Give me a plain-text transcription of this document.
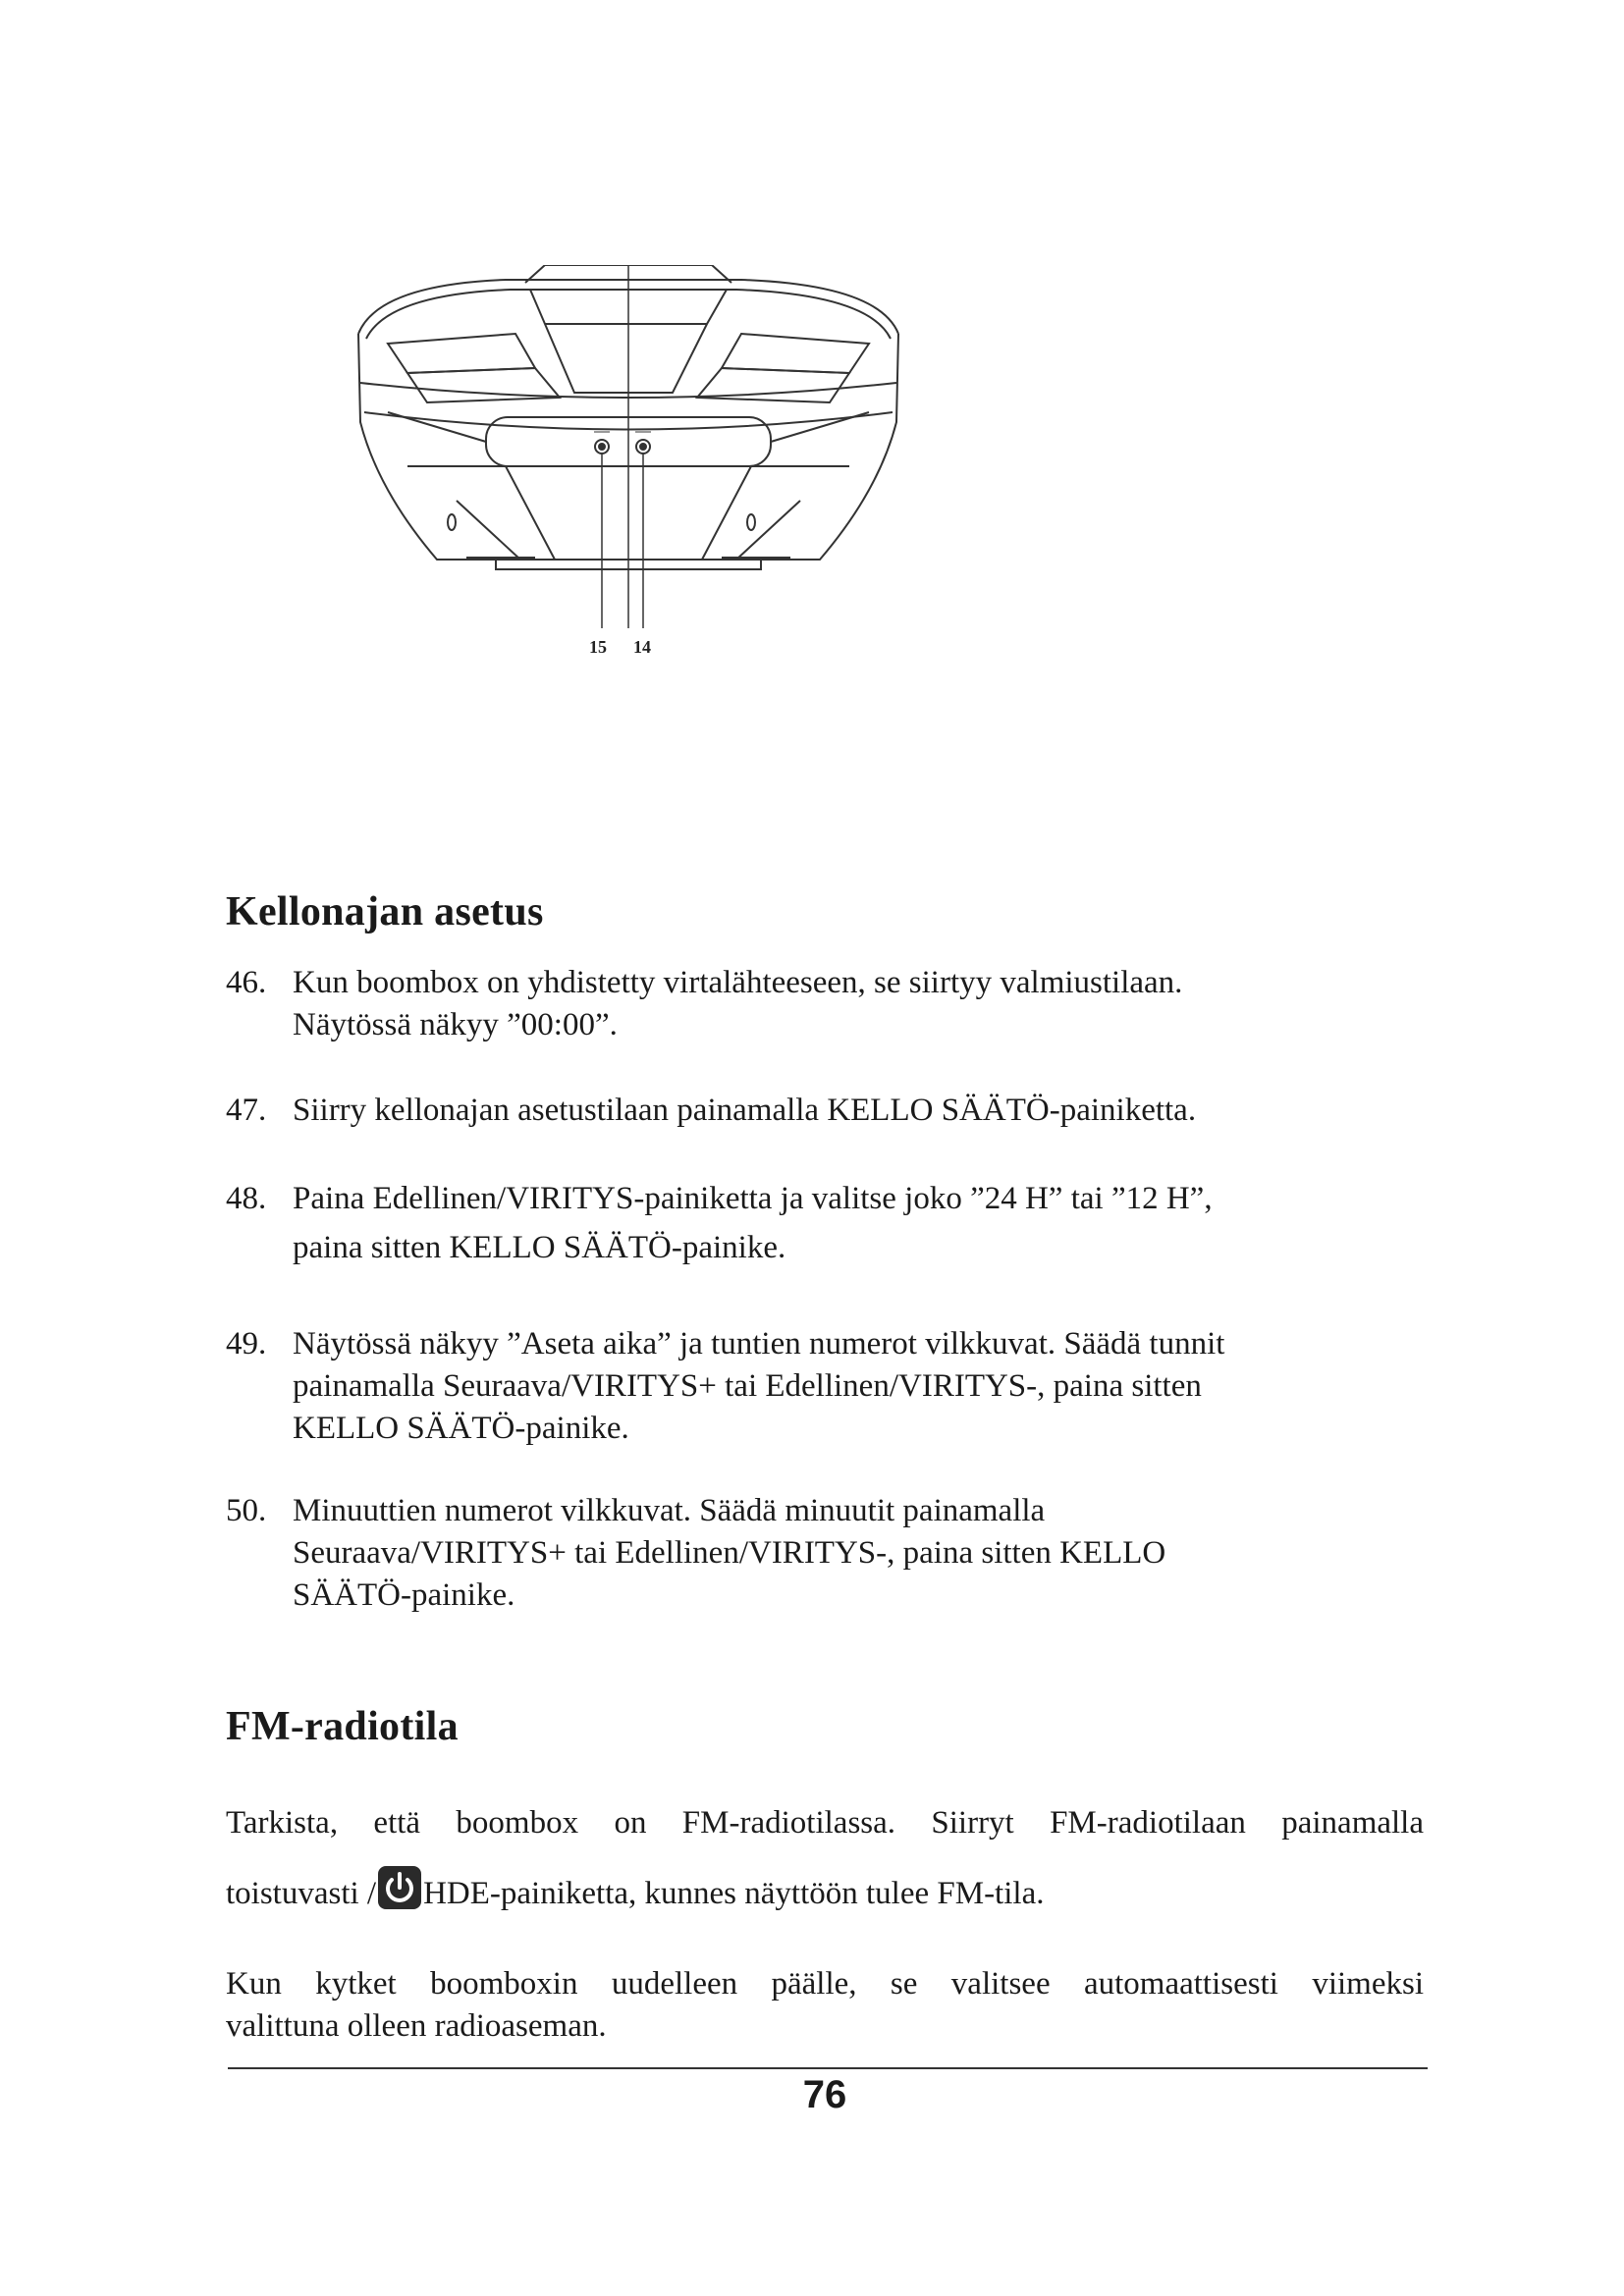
15 14
Kellonajan asetus
46. Kun boombox on yhdistetty virtalähteeseen, se siirtyy valmiustilaan.
Näytössä näkyy ”00:00”.
47. Siirry kellonajan asetustilaan painamalla KELLO SÄÄTÖ-painiketta.
48. Paina Edellinen/VIRITYS-painiketta ja valitse joko ”24 H” tai ”12 H”,
paina sitten KELLO SÄÄTÖ-painike.
49. Näytössä näkyy ”Aseta aika” ja tuntien numerot vilkkuvat. Säädä tunnit
painamalla Seuraava/VIRITYS+ tai Edellinen/VIRITYS-, paina sitten
KELLO SÄÄTÖ-painike.
50. Minuuttien numerot vilkkuvat. Säädä minuutit painamalla
Seuraava/VIRITYS+ tai Edellinen/VIRITYS-, paina sitten KELLO
SÄÄTÖ-painike.
FM-radiotila
Tarkista, että boombox on FM-radiotilassa. Siirryt FM-radiotilaan painamalla
toistuvasti / HDE-painiketta, kunnes näyttöön tulee FM-tila.
Kun kytket boomboxin uudelleen päälle, se valitsee automaattisesti viimeksi
valittuna olleen radioaseman.
76
